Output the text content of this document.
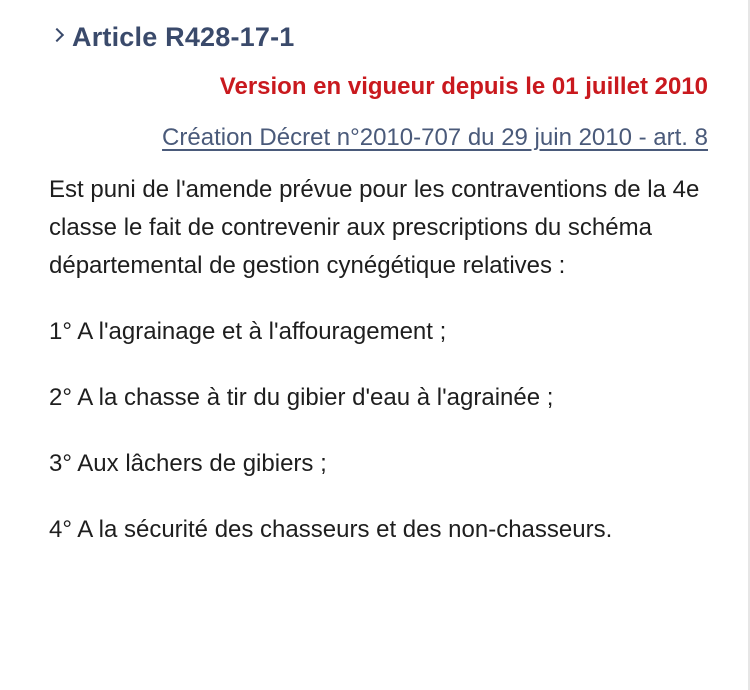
Article R428-17-1
Version en vigueur depuis le 01 juillet 2010
Création Décret n°2010-707 du 29 juin 2010 - art. 8

Est puni de l'amende prévue pour les contraventions de la 4e classe le fait de contrevenir aux prescriptions du schéma départemental de gestion cynégétique relatives :

1° A l'agrainage et à l'affouragement ;

2° A la chasse à tir du gibier d'eau à l'agrainée ;

3° Aux lâchers de gibiers ;

4° A la sécurité des chasseurs et des non-chasseurs.
